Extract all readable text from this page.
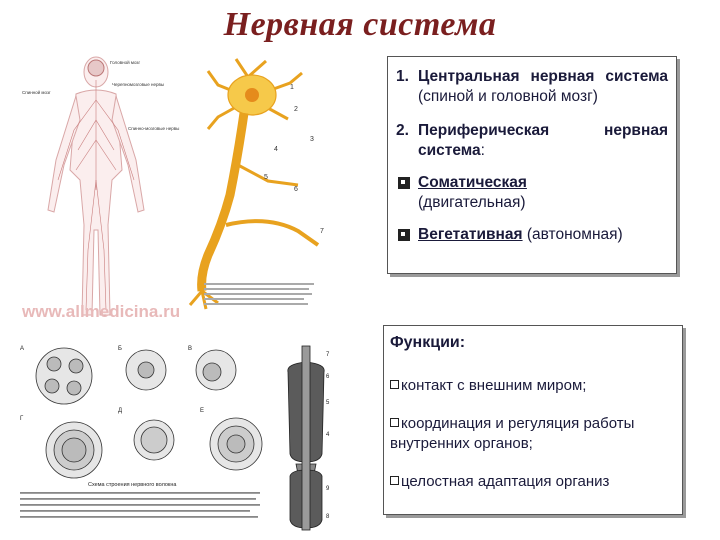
Нервная система
Головной мозг
Спинной мозг
Черепномозговые нервы
Спинно-мозговые нервы
www.allmedicina.ru
1
2
3
4
5
6
7
А	Б	В
Г
Д	Е
Схема строения нервного волокна
7
6
5
4
9
8
1. Центральная нервная система (спиной и головной мозг)
2. Периферическая нервная система:
Соматическая
(двигательная)
Вегетативная (автономная)
Функции:
контакт с внешним миром;
координация и регуляция работы внутренних органов;
целостная адаптация организ
